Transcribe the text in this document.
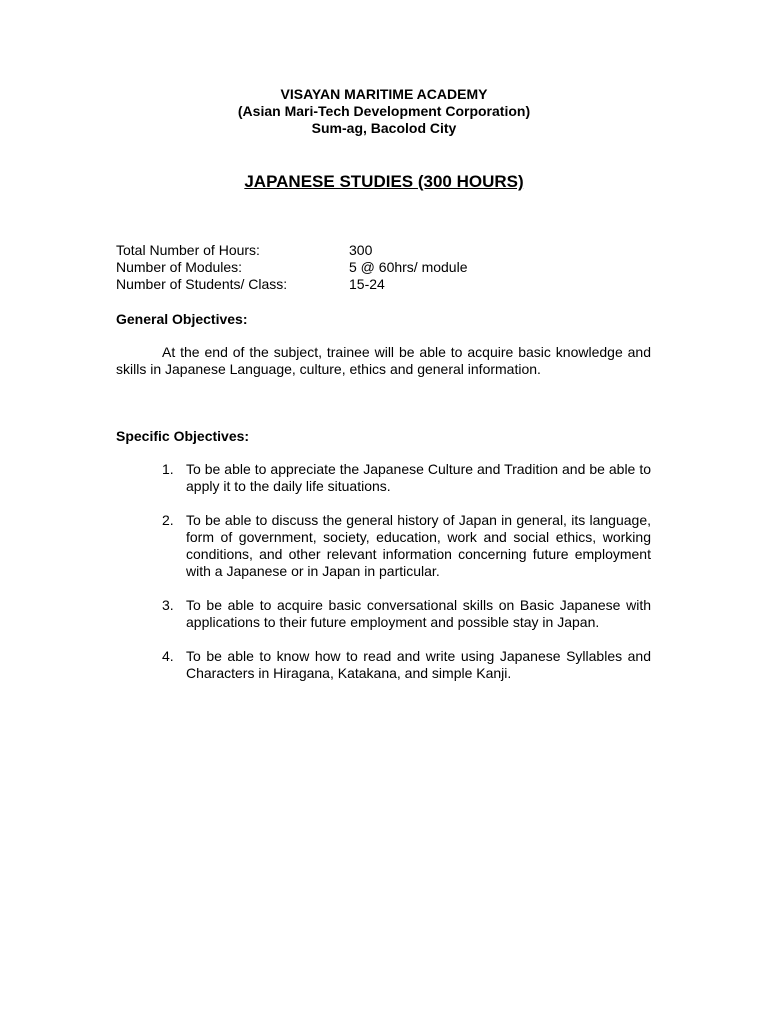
VISAYAN MARITIME ACADEMY
(Asian Mari-Tech Development Corporation)
Sum-ag, Bacolod City
JAPANESE STUDIES (300 HOURS)
Total Number of Hours:	300
Number of Modules:	5 @ 60hrs/ module
Number of Students/ Class:	15-24
General Objectives:
At the end of the subject, trainee will be able to acquire basic knowledge and skills in Japanese Language, culture, ethics and general information.
Specific Objectives:
1. To be able to appreciate the Japanese Culture and Tradition and be able to apply it to the daily life situations.
2. To be able to discuss the general history of Japan in general, its language, form of government, society, education, work and social ethics, working conditions, and other relevant information concerning future employment with a Japanese or in Japan in particular.
3. To be able to acquire basic conversational skills on Basic Japanese with applications to their future employment and possible stay in Japan.
4. To be able to know how to read and write using Japanese Syllables and Characters in Hiragana, Katakana, and simple Kanji.
